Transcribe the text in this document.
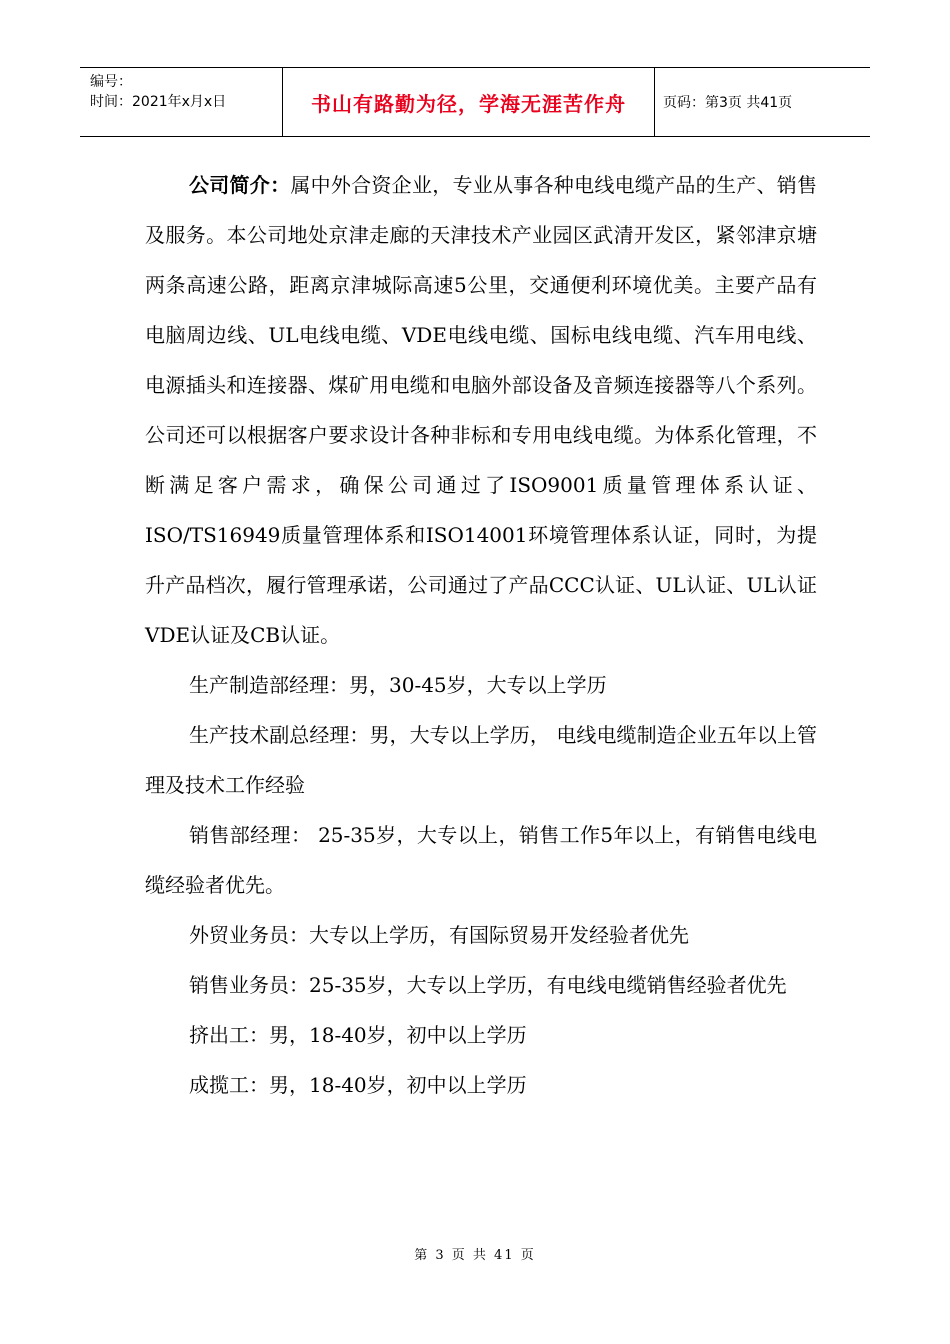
编号：
时间：2021年x月x日	书山有路勤为径，学海无涯苦作舟	页码：第3页 共41页

公司简介：属中外合资企业，专业从事各种电线电缆产品的生产、销售及服务。本公司地处京津走廊的天津技术产业园区武清开发区，紧邻津京塘两条高速公路，距离京津城际高速5公里，交通便利环境优美。主要产品有电脑周边线、UL电线电缆、VDE电线电缆、国标电线电缆、汽车用电线、电源插头和连接器、煤矿用电缆和电脑外部设备及音频连接器等八个系列。公司还可以根据客户要求设计各种非标和专用电线电缆。为体系化管理，不断满足客户需求，确保公司通过了ISO9001质量管理体系认证、ISO/TS16949质量管理体系和ISO14001环境管理体系认证，同时，为提升产品档次，履行管理承诺，公司通过了产品CCC认证、UL认证、UL认证VDE认证及CB认证。

生产制造部经理：男，30-45岁，大专以上学历

生产技术副总经理：男，大专以上学历， 电线电缆制造企业五年以上管理及技术工作经验

销售部经理： 25-35岁，大专以上，销售工作5年以上，有销售电线电缆经验者优先。

外贸业务员：大专以上学历，有国际贸易开发经验者优先

销售业务员：25-35岁，大专以上学历，有电线电缆销售经验者优先

挤出工：男，18-40岁，初中以上学历

成揽工：男，18-40岁，初中以上学历

第 3 页 共 41 页
